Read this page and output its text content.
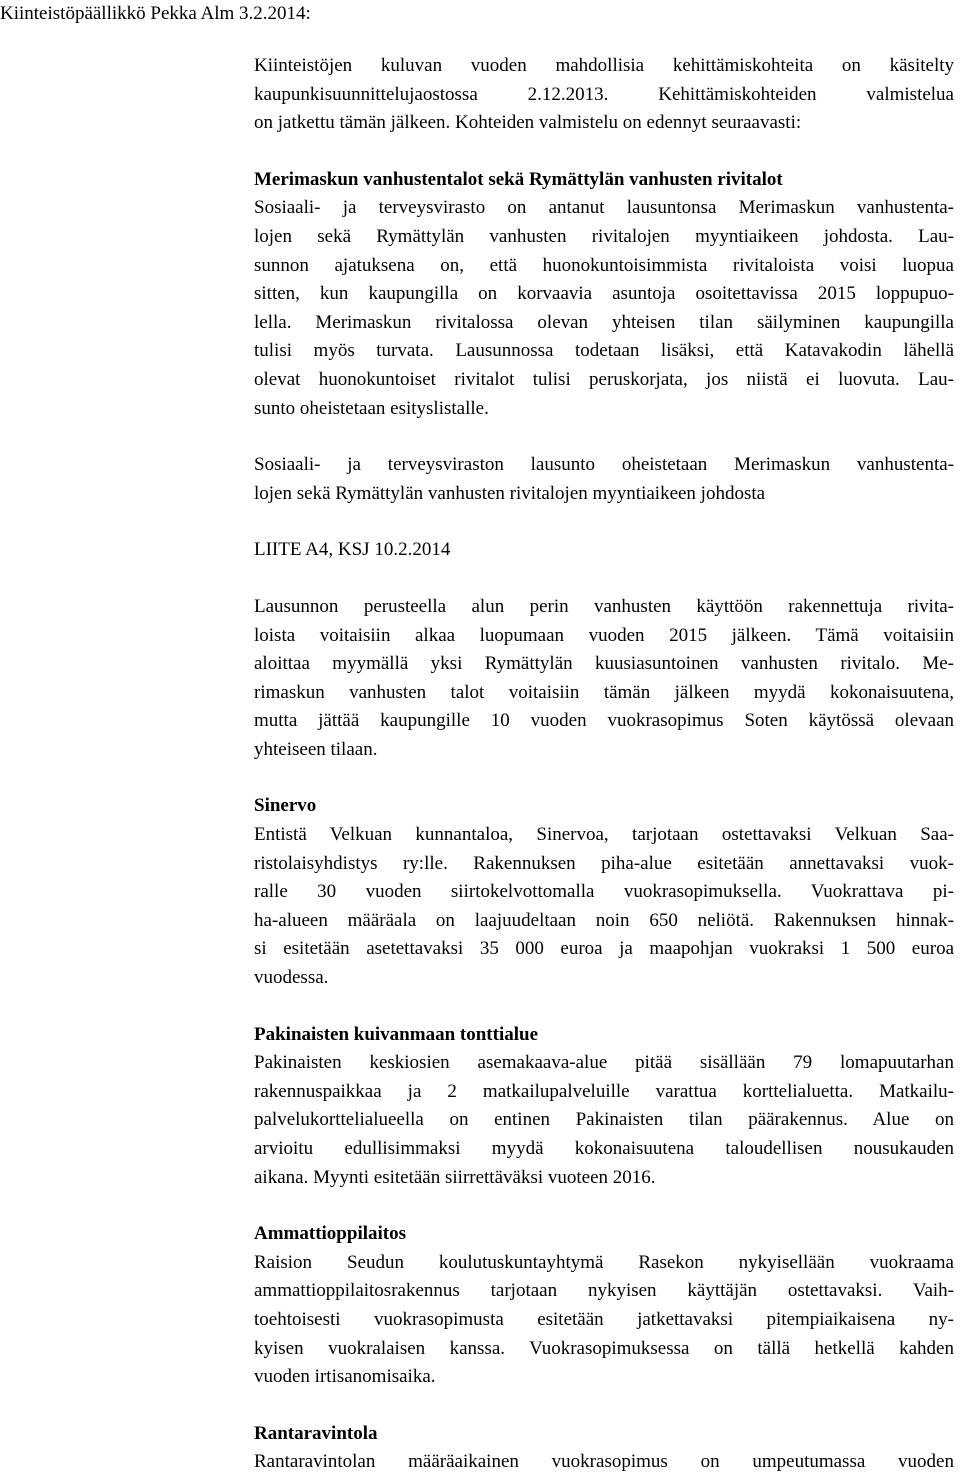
Kiinteistöpäällikkö Pekka Alm 3.2.2014:

Kiinteistöjen kuluvan vuoden mahdollisia kehittämiskohteita on käsitelty
kaupunkisuunnittelujaostossa 2.12.2013. Kehittämiskohteiden valmistelua
on jatkettu tämän jälkeen. Kohteiden valmistelu on edennyt seuraavasti:

Merimaskun vanhustentalot sekä Rymättylän vanhusten rivitalot
Sosiaali- ja terveysvirasto on antanut lausuntonsa Merimaskun vanhustenta-
lojen sekä Rymättylän vanhusten rivitalojen myyntiaikeen johdosta. Lau-
sunnon ajatuksena on, että huonokuntoisimmista rivitaloista voisi luopua
sitten, kun kaupungilla on korvaavia asuntoja osoitettavissa 2015 loppupuo-
lella. Merimaskun rivitalossa olevan yhteisen tilan säilyminen kaupungilla
tulisi myös turvata. Lausunnossa todetaan lisäksi, että Katavakodin lähellä
olevat huonokuntoiset rivitalot tulisi peruskorjata, jos niistä ei luovuta. Lau-
sunto oheistetaan esityslistalle.

Sosiaali- ja terveysviraston lausunto oheistetaan Merimaskun vanhustenta-
lojen sekä Rymättylän vanhusten rivitalojen myyntiaikeen johdosta

LIITE A4, KSJ 10.2.2014

Lausunnon perusteella alun perin vanhusten käyttöön rakennettuja rivita-
loista voitaisiin alkaa luopumaan vuoden 2015 jälkeen. Tämä voitaisiin
aloittaa myymällä yksi Rymättylän kuusiasuntoinen vanhusten rivitalo. Me-
rimaskun vanhusten talot voitaisiin tämän jälkeen myydä kokonaisuutena,
mutta jättää kaupungille 10 vuoden vuokrasopimus Soten käytössä olevaan
yhteiseen tilaan.

Sinervo
Entistä Velkuan kunnantaloa, Sinervoa, tarjotaan ostettavaksi Velkuan Saa-
ristolaisyhdistys ry:lle. Rakennuksen piha-alue esitetään annettavaksi vuok-
ralle 30 vuoden siirtokelvottomalla vuokrasopimuksella. Vuokrattava pi-
ha-alueen määräala on laajuudeltaan noin 650 neliötä. Rakennuksen hinnak-
si esitetään asetettavaksi 35 000 euroa ja maapohjan vuokraksi 1 500 euroa
vuodessa.

Pakinaisten kuivanmaan tonttialue
Pakinaisten keskiosien asemakaava-alue pitää sisällään 79 lomapuutarhan
rakennuspaikkaa ja 2 matkailupalveluille varattua korttelialuetta. Matkailu-
palvelukorttelialueella on entinen Pakinaisten tilan päärakennus. Alue on
arvioitu edullisimmaksi myydä kokonaisuutena taloudellisen nousukauden
aikana. Myynti esitetään siirrettäväksi vuoteen 2016.

Ammattioppilaitos
Raision Seudun koulutuskuntayhtymä Rasekon nykyisellään vuokraama
ammattioppilaitosrakennus tarjotaan nykyisen käyttäjän ostettavaksi. Vaih-
toehtoisesti vuokrasopimusta esitetään jatkettavaksi pitempiaikaisena ny-
kyisen vuokralaisen kanssa. Vuokrasopimuksessa on tällä hetkellä kahden
vuoden irtisanomisaika.

Rantaravintola
Rantaravintolan määräaikainen vuokrasopimus on umpeutumassa vuoden
